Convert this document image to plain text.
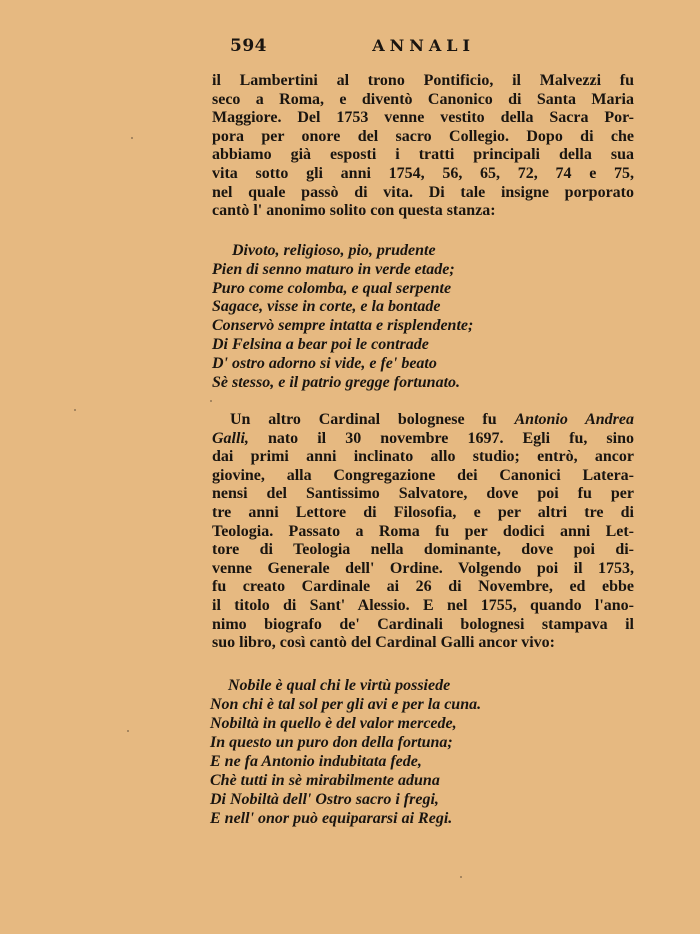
594	ANNALI
il Lambertini al trono Pontificio, il Malvezzi fu
seco a Roma, e diventò Canonico di Santa Maria
Maggiore. Del 1753 venne vestito della Sacra Por-
pora per onore del sacro Collegio. Dopo di che
abbiamo già esposti i tratti principali della sua
vita sotto gli anni 1754, 56, 65, 72, 74 e 75,
nel quale passò di vita. Di tale insigne porporato
cantò l' anonimo solito con questa stanza:
Divoto, religioso, pio, prudente
Pien di senno maturo in verde etade;
Puro come colomba, e qual serpente
Sagace, visse in corte, e la bontade
Conservò sempre intatta e risplendente;
Di Felsina a bear poi le contrade
D' ostro adorno si vide, e fe' beato
Sè stesso, e il patrio gregge fortunato.
Un altro Cardinal bolognese fu Antonio Andrea
Galli, nato il 30 novembre 1697. Egli fu, sino
dai primi anni inclinato allo studio; entrò, ancor
giovine, alla Congregazione dei Canonici Latera-
nensi del Santissimo Salvatore, dove poi fu per
tre anni Lettore di Filosofia, e per altri tre di
Teologia. Passato a Roma fu per dodici anni Let-
tore di Teologia nella dominante, dove poi di-
venne Generale dell' Ordine. Volgendo poi il 1753,
fu creato Cardinale ai 26 di Novembre, ed ebbe
il titolo di Sant' Alessio. E nel 1755, quando l'ano-
nimo biografo de' Cardinali bolognesi stampava il
suo libro, così cantò del Cardinal Galli ancor vivo:
Nobile è qual chi le virtù possiede
Non chi è tal sol per gli avi e per la cuna.
Nobiltà in quello è del valor mercede,
In questo un puro don della fortuna;
E ne fa Antonio indubitata fede,
Chè tutti in sè mirabilmente aduna
Di Nobiltà dell' Ostro sacro i fregi,
E nell' onor può equipararsi ai Regi.
